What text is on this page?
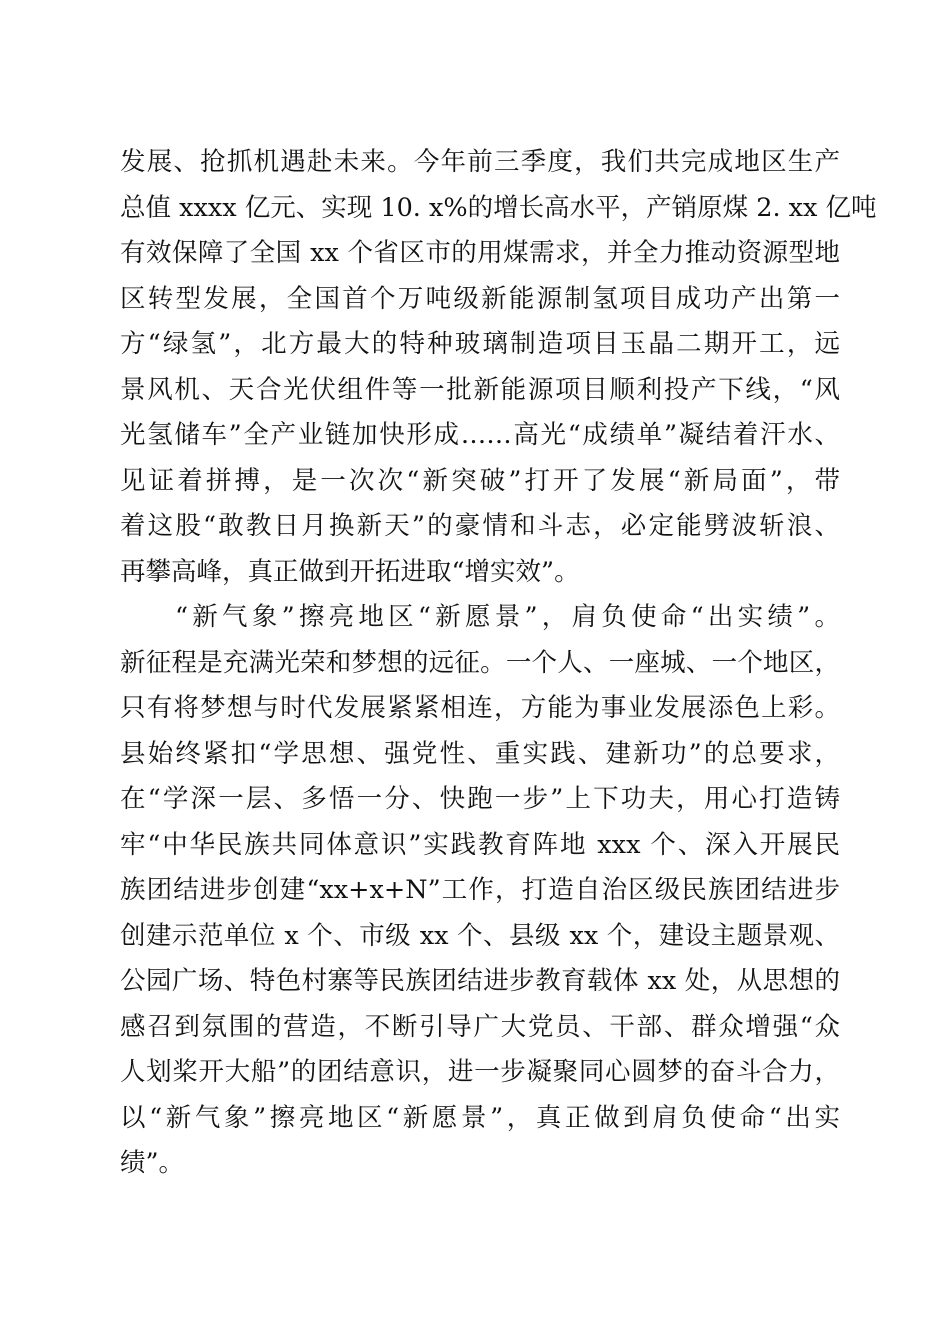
发展、抢抓机遇赴未来。今年前三季度，我们共完成地区生产
总值 xxxx 亿元、实现 10. x%的增长高水平，产销原煤 2. xx 亿吨
有效保障了全国 xx 个省区市的用煤需求，并全力推动资源型地
区转型发展，全国首个万吨级新能源制氢项目成功产出第一
方“绿氢”，北方最大的特种玻璃制造项目玉晶二期开工，远
景风机、天合光伏组件等一批新能源项目顺利投产下线，“风
光氢储车”全产业链加快形成……高光“成绩单”凝结着汗水、
见证着拼搏，是一次次“新突破”打开了发展“新局面”，带
着这股“敢教日月换新天”的豪情和斗志，必定能劈波斩浪、
再攀高峰，真正做到开拓进取“增实效”。
“新气象”擦亮地区“新愿景”，肩负使命“出实绩”。
新征程是充满光荣和梦想的远征。一个人、一座城、一个地区，
只有将梦想与时代发展紧紧相连，方能为事业发展添色上彩。
县始终紧扣“学思想、强党性、重实践、建新功”的总要求，
在“学深一层、多悟一分、快跑一步”上下功夫，用心打造铸
牢“中华民族共同体意识”实践教育阵地 xxx 个、深入开展民
族团结进步创建“xx+x+N”工作，打造自治区级民族团结进步
创建示范单位 x 个、市级 xx 个、县级 xx 个，建设主题景观、
公园广场、特色村寨等民族团结进步教育载体 xx 处，从思想的
感召到氛围的营造，不断引导广大党员、干部、群众增强“众
人划桨开大船”的团结意识，进一步凝聚同心圆梦的奋斗合力，
以“新气象”擦亮地区“新愿景”，真正做到肩负使命“出实
绩”。
